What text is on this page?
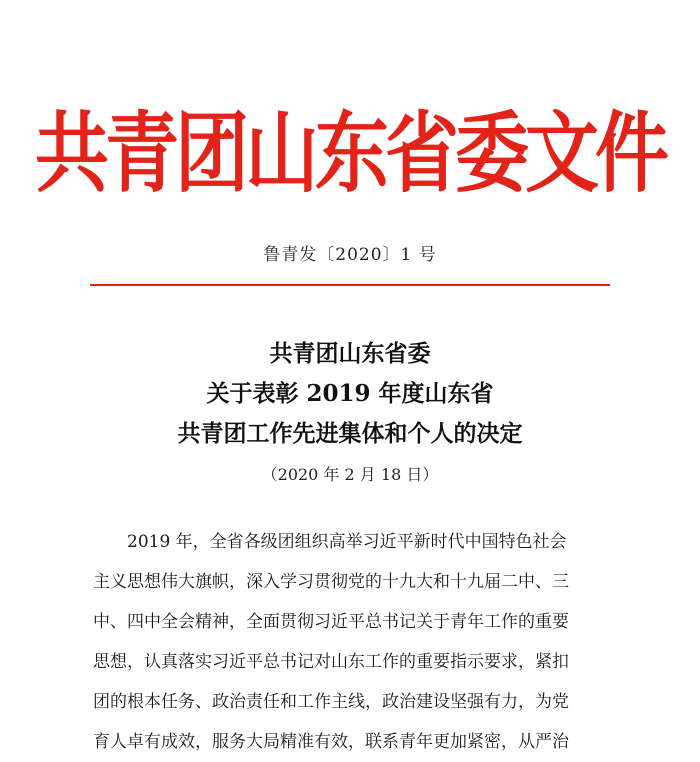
共青团山东省委文件
鲁青发〔2020〕1 号
共青团山东省委
关于表彰 2019 年度山东省
共青团工作先进集体和个人的决定
（2020 年 2 月 18 日）
2019 年，全省各级团组织高举习近平新时代中国特色社会
主义思想伟大旗帜，深入学习贯彻党的十九大和十九届二中、三
中、四中全会精神，全面贯彻习近平总书记关于青年工作的重要
思想，认真落实习近平总书记对山东工作的重要指示要求，紧扣
团的根本任务、政治责任和工作主线，政治建设坚强有力，为党
育人卓有成效，服务大局精准有效，联系青年更加紧密，从严治
